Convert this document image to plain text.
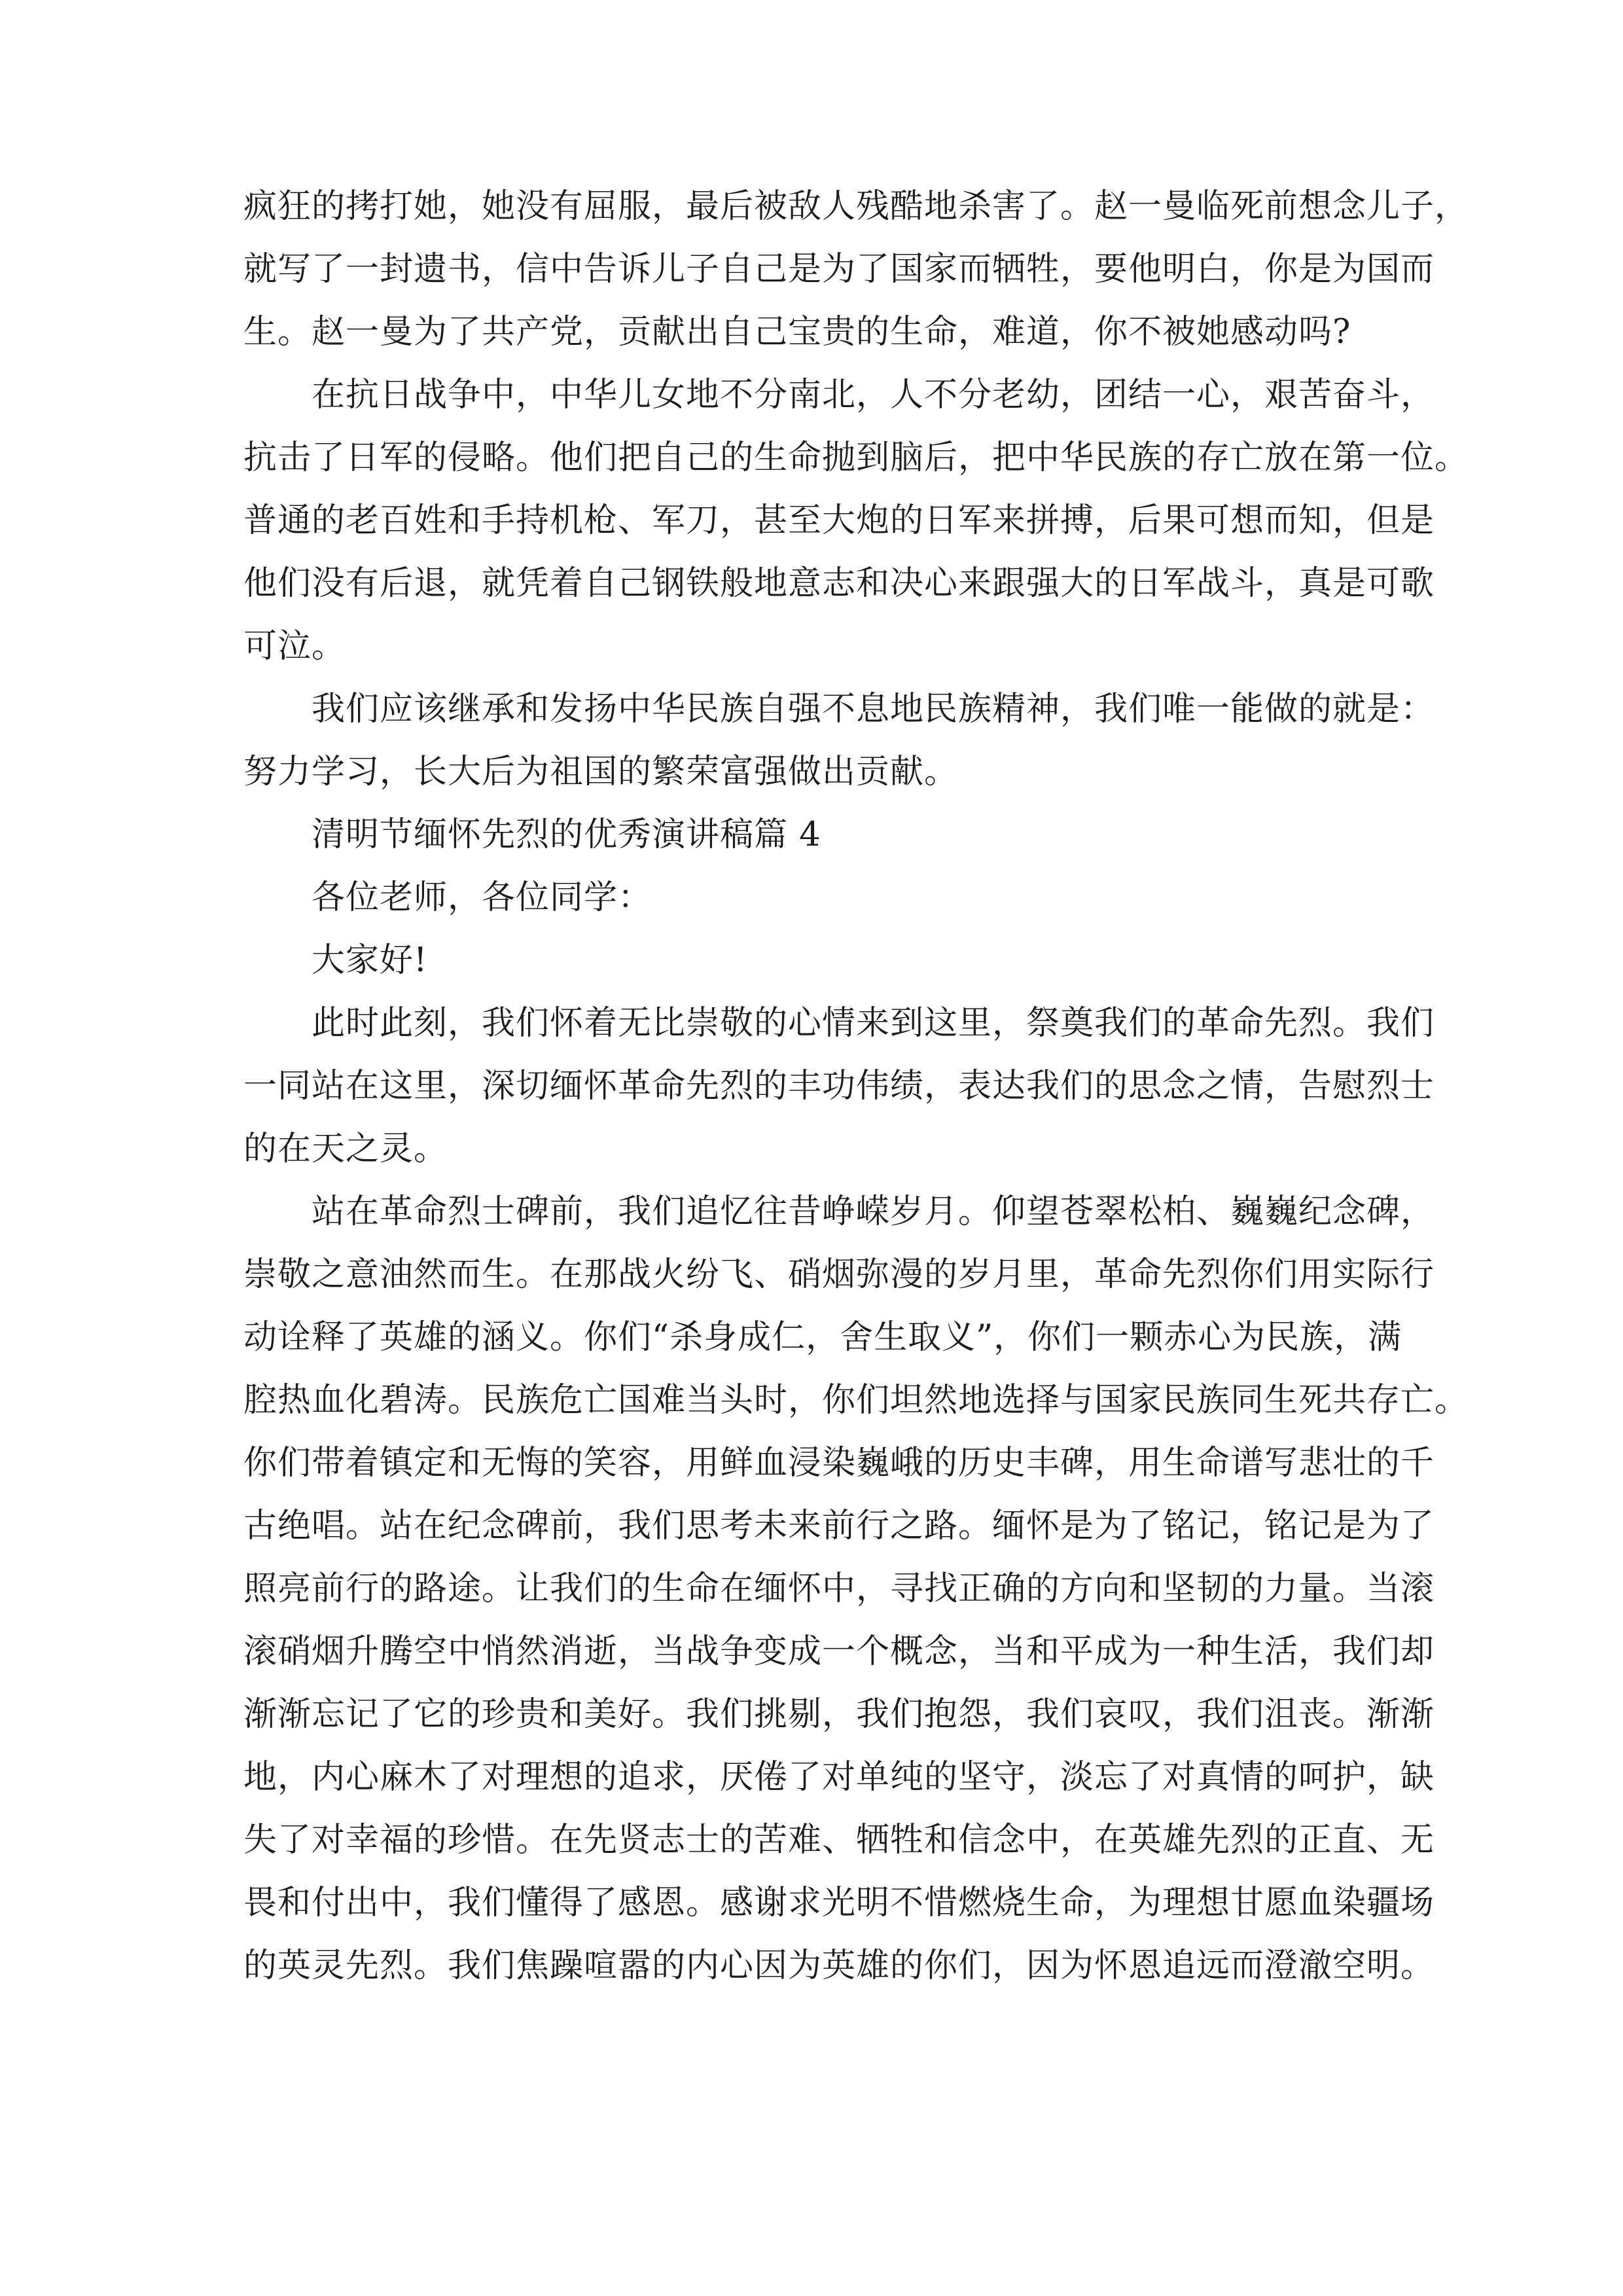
疯狂的拷打她，她没有屈服，最后被敌人残酷地杀害了。赵一曼临死前想念儿子，
就写了一封遗书，信中告诉儿子自己是为了国家而牺牲，要他明白，你是为国而
生。赵一曼为了共产党，贡献出自己宝贵的生命，难道，你不被她感动吗?
在抗日战争中，中华儿女地不分南北，人不分老幼，团结一心，艰苦奋斗，
抗击了日军的侵略。他们把自己的生命抛到脑后，把中华民族的存亡放在第一位。
普通的老百姓和手持机枪、军刀，甚至大炮的日军来拼搏，后果可想而知，但是
他们没有后退，就凭着自己钢铁般地意志和决心来跟强大的日军战斗，真是可歌
可泣。
我们应该继承和发扬中华民族自强不息地民族精神，我们唯一能做的就是：
努力学习，长大后为祖国的繁荣富强做出贡献。
清明节缅怀先烈的优秀演讲稿篇 4
各位老师，各位同学：
大家好!
此时此刻，我们怀着无比崇敬的心情来到这里，祭奠我们的革命先烈。我们
一同站在这里，深切缅怀革命先烈的丰功伟绩，表达我们的思念之情，告慰烈士
的在天之灵。
站在革命烈士碑前，我们追忆往昔峥嵘岁月。仰望苍翠松柏、巍巍纪念碑，
崇敬之意油然而生。在那战火纷飞、硝烟弥漫的岁月里，革命先烈你们用实际行
动诠释了英雄的涵义。你们“杀身成仁，舍生取义”，你们一颗赤心为民族，满
腔热血化碧涛。民族危亡国难当头时，你们坦然地选择与国家民族同生死共存亡。
你们带着镇定和无悔的笑容，用鲜血浸染巍峨的历史丰碑，用生命谱写悲壮的千
古绝唱。站在纪念碑前，我们思考未来前行之路。缅怀是为了铭记，铭记是为了
照亮前行的路途。让我们的生命在缅怀中，寻找正确的方向和坚韧的力量。当滚
滚硝烟升腾空中悄然消逝，当战争变成一个概念，当和平成为一种生活，我们却
渐渐忘记了它的珍贵和美好。我们挑剔，我们抱怨，我们哀叹，我们沮丧。渐渐
地，内心麻木了对理想的追求，厌倦了对单纯的坚守，淡忘了对真情的呵护，缺
失了对幸福的珍惜。在先贤志士的苦难、牺牲和信念中，在英雄先烈的正直、无
畏和付出中，我们懂得了感恩。感谢求光明不惜燃烧生命，为理想甘愿血染疆场
的英灵先烈。我们焦躁喧嚣的内心因为英雄的你们，因为怀恩追远而澄澈空明。
